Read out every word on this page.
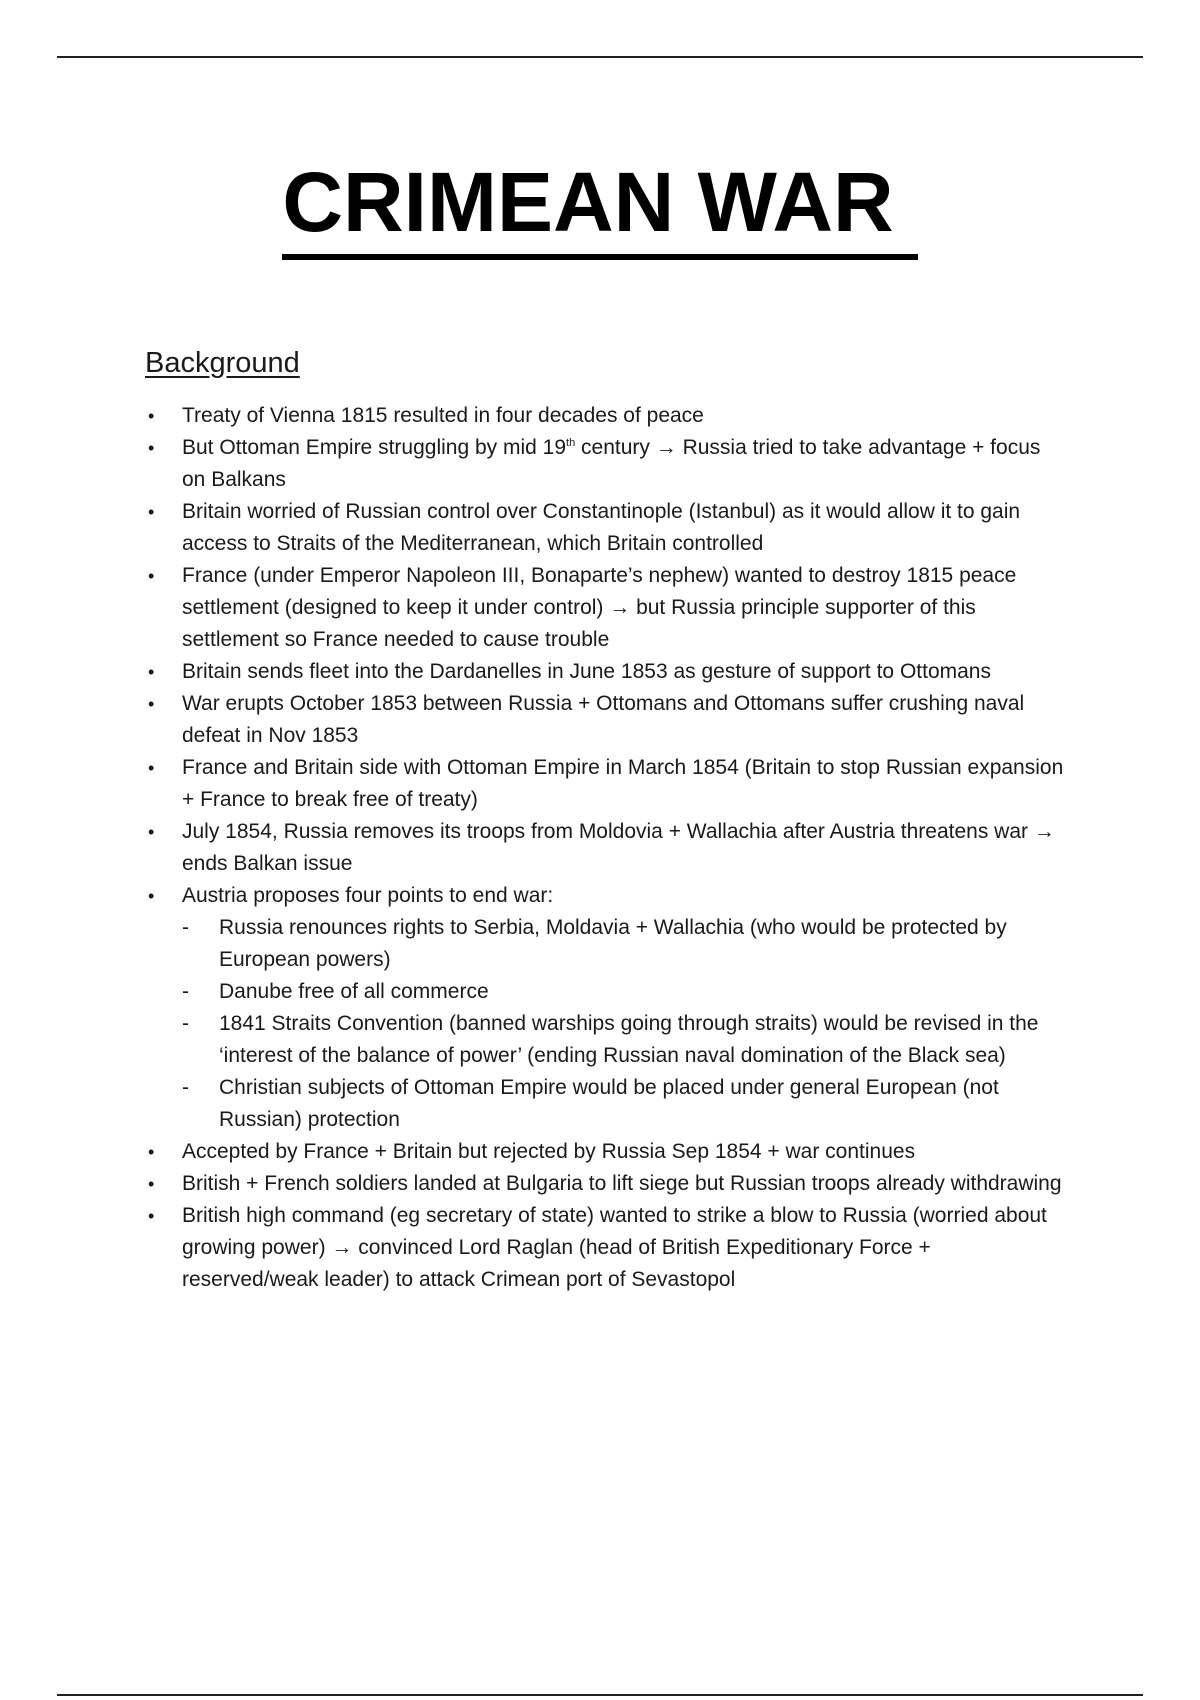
CRIMEAN WAR
Background
• Treaty of Vienna 1815 resulted in four decades of peace
• But Ottoman Empire struggling by mid 19th century → Russia tried to take advantage + focus on Balkans
• Britain worried of Russian control over Constantinople (Istanbul) as it would allow it to gain access to Straits of the Mediterranean, which Britain controlled
• France (under Emperor Napoleon III, Bonaparte’s nephew) wanted to destroy 1815 peace settlement (designed to keep it under control) → but Russia principle supporter of this settlement so France needed to cause trouble
• Britain sends fleet into the Dardanelles in June 1853 as gesture of support to Ottomans
• War erupts October 1853 between Russia + Ottomans and Ottomans suffer crushing naval defeat in Nov 1853
• France and Britain side with Ottoman Empire in March 1854 (Britain to stop Russian expansion + France to break free of treaty)
• July 1854, Russia removes its troops from Moldovia + Wallachia after Austria threatens war → ends Balkan issue
• Austria proposes four points to end war:
- Russia renounces rights to Serbia, Moldavia + Wallachia (who would be protected by European powers)
- Danube free of all commerce
- 1841 Straits Convention (banned warships going through straits) would be revised in the ‘interest of the balance of power’ (ending Russian naval domination of the Black sea)
- Christian subjects of Ottoman Empire would be placed under general European (not Russian) protection
• Accepted by France + Britain but rejected by Russia Sep 1854 + war continues
• British + French soldiers landed at Bulgaria to lift siege but Russian troops already withdrawing
• British high command (eg secretary of state) wanted to strike a blow to Russia (worried about growing power) → convinced Lord Raglan (head of British Expeditionary Force + reserved/weak leader) to attack Crimean port of Sevastopol
